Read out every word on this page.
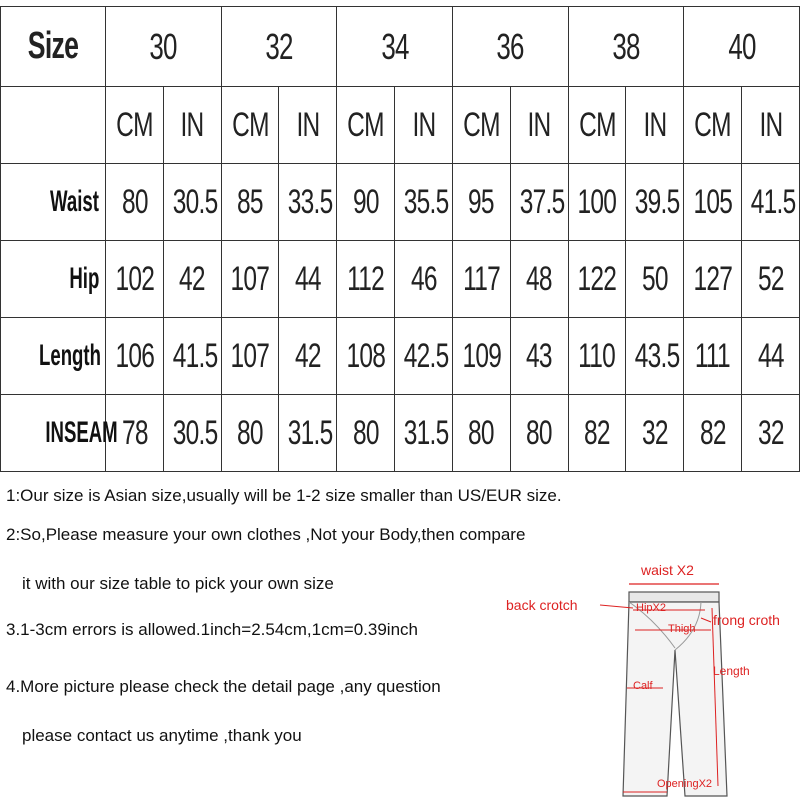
Size	30		32		34		36		38		40	
	CM	IN	CM	IN	CM	IN	CM	IN	CM	IN	CM	IN
Waist	80	30.5	85	33.5	90	35.5	95	37.5	100	39.5	105	41.5
Hip	102	42	107	44	112	46	117	48	122	50	127	52
Length	106	41.5	107	42	108	42.5	109	43	110	43.5	111	44
INSEAM	78	30.5	80	31.5	80	31.5	80	80	82	32	82	32
1:Our size is Asian size,usually will be 1-2 size smaller than US/EUR size.
2:So,Please measure your own clothes ,Not your Body,then compare
it with our size table to pick your own size
3.1-3cm errors is allowed.1inch=2.54cm,1cm=0.39inch
4.More picture please check the detail page ,any question
please contact us anytime ,thank you
waist X2
back crotch	HipX2
frong croth
Thigh
Length
Calf
OpeningX2
